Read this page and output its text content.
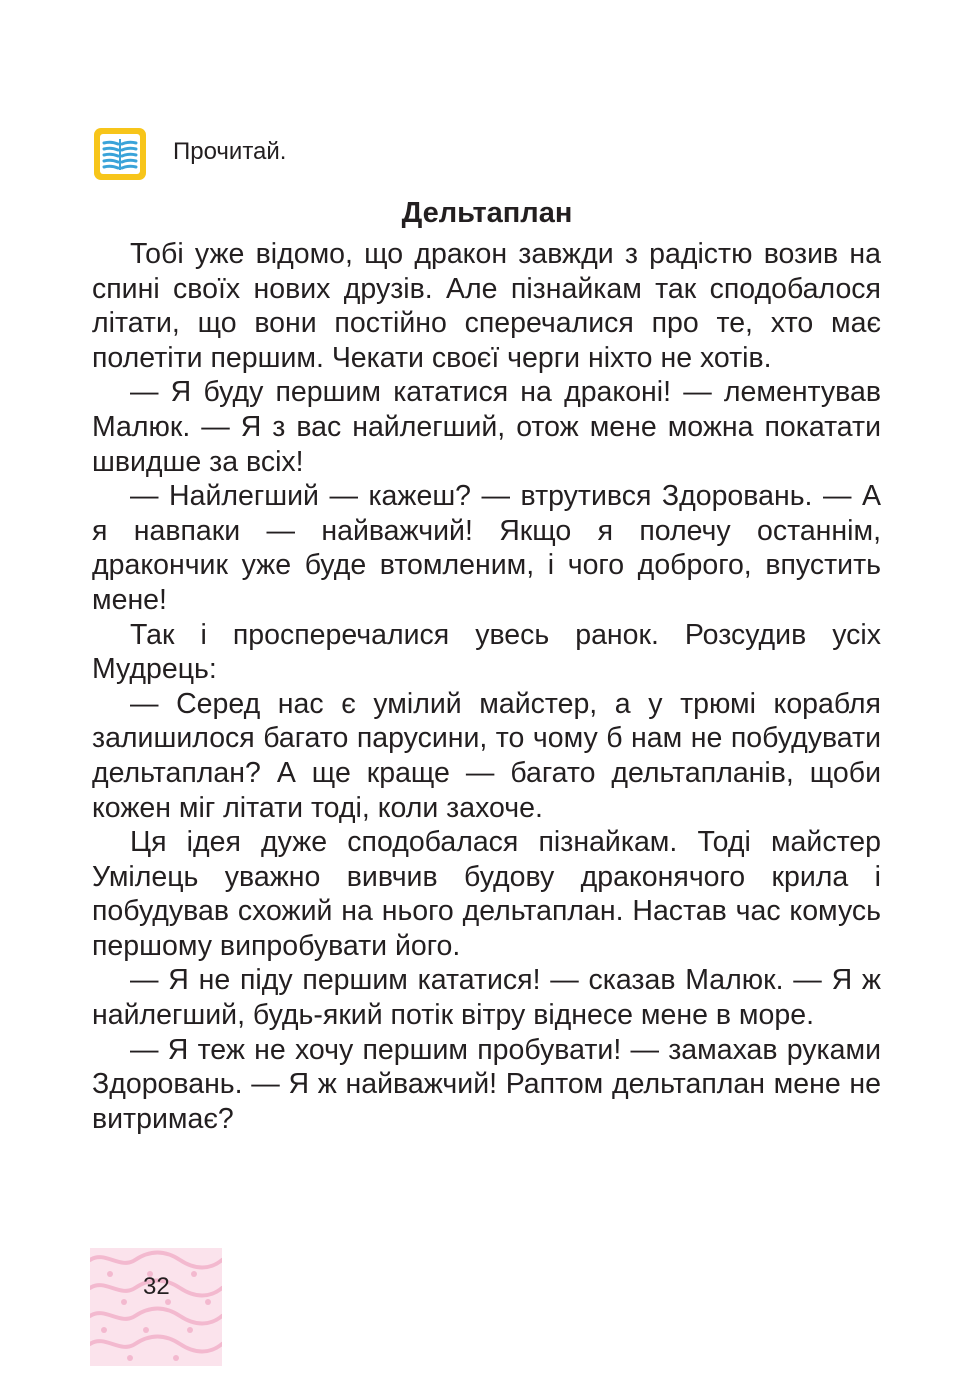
Прочитай.
Дельтаплан

Тобі уже відомо, що дракон завжди з радістю возив на спині своїх нових друзів. Але пізнайкам так сподобалося літати, що вони постійно сперечалися про те, хто має полетіти першим. Чекати своєї черги ніхто не хотів.

— Я буду першим кататися на драконі! — лементував Малюк. — Я з вас найлегший, отож мене можна покатати швидше за всіх!

— Найлегший — кажеш? — втрутився Здоровань. — А я навпаки — найважчий! Якщо я полечу останнім, дракончик уже буде втомленим, і чого доброго, впустить мене!

Так і просперечалися увесь ранок. Розсудив усіх Мудрець:

— Серед нас є умілий майстер, а у трюмі корабля залишилося багато парусини, то чому б нам не побудувати дельтаплан? А ще краще — багато дельтапланів, щоби кожен міг літати тоді, коли захоче.

Ця ідея дуже сподобалася пізнайкам. Тоді майстер Умілець уважно вивчив будову драконячого крила і побудував схожий на нього дельтаплан. Настав час комусь першому випробувати його.

— Я не піду першим кататися! — сказав Малюк. — Я ж найлегший, будь-який потік вітру віднесе мене в море.

— Я теж не хочу першим пробувати! — замахав руками Здоровань. — Я ж найважчий! Раптом дельтаплан мене не витримає?

32
